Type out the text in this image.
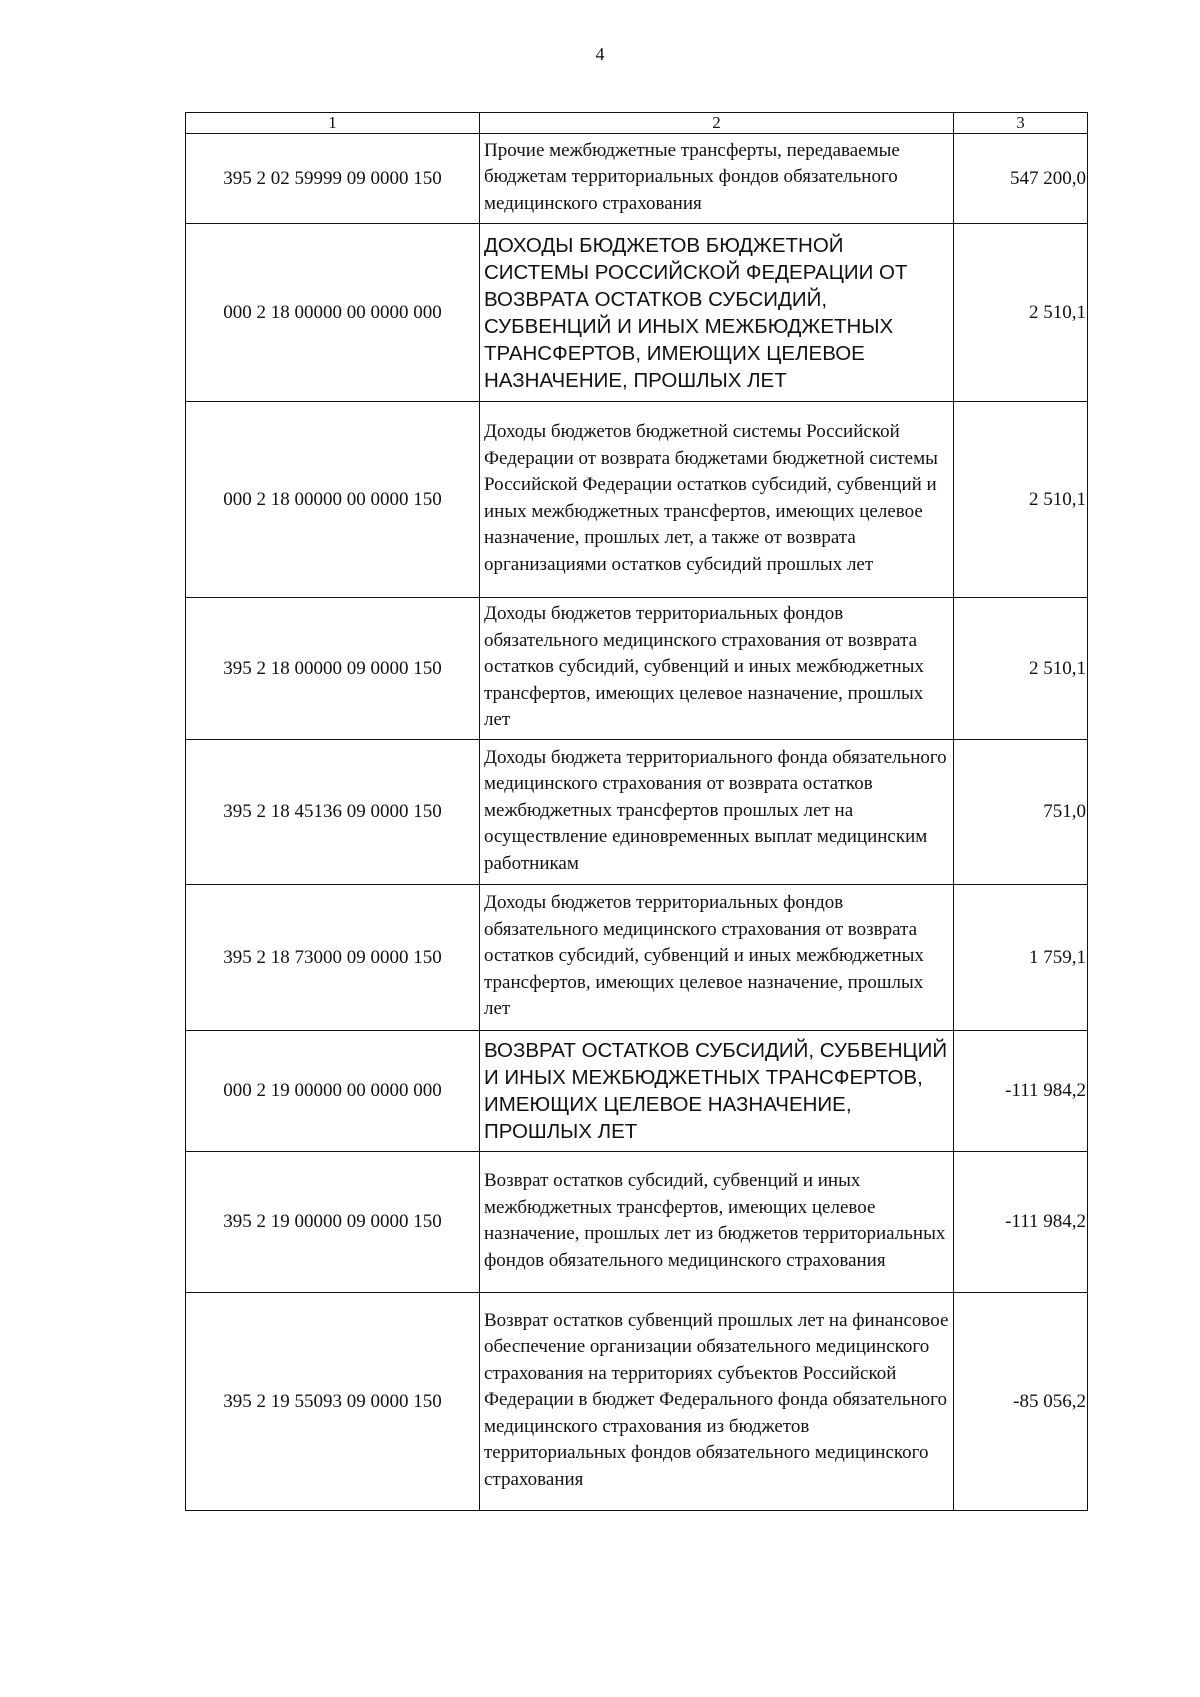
4
1	2	3
395 2 02 59999 09 0000 150	Прочие межбюджетные трансферты, передаваемые бюджетам территориальных фондов обязательного медицинского страхования	547 200,0
000 2 18 00000 00 0000 000	ДОХОДЫ БЮДЖЕТОВ БЮДЖЕТНОЙ СИСТЕМЫ РОССИЙСКОЙ ФЕДЕРАЦИИ ОТ ВОЗВРАТА ОСТАТКОВ СУБСИДИЙ, СУБВЕНЦИЙ И ИНЫХ МЕЖБЮДЖЕТНЫХ ТРАНСФЕРТОВ, ИМЕЮЩИХ ЦЕЛЕВОЕ НАЗНАЧЕНИЕ, ПРОШЛЫХ ЛЕТ	2 510,1
000 2 18 00000 00 0000 150	Доходы бюджетов бюджетной системы Российской Федерации от возврата бюджетами бюджетной системы Российской Федерации остатков субсидий, субвенций и иных межбюджетных трансфертов, имеющих целевое назначение, прошлых лет, а также от возврата организациями остатков субсидий прошлых лет	2 510,1
395 2 18 00000 09 0000 150	Доходы бюджетов территориальных фондов обязательного медицинского страхования от возврата остатков субсидий, субвенций и иных межбюджетных трансфертов, имеющих целевое назначение, прошлых лет	2 510,1
395 2 18 45136 09 0000 150	Доходы бюджета территориального фонда обязательного медицинского страхования от возврата остатков межбюджетных трансфертов прошлых лет на осуществление единовременных выплат медицинским работникам	751,0
395 2 18 73000 09 0000 150	Доходы бюджетов территориальных фондов обязательного медицинского страхования от возврата остатков субсидий, субвенций и иных межбюджетных трансфертов, имеющих целевое назначение, прошлых лет	1 759,1
000 2 19 00000 00 0000 000	ВОЗВРАТ ОСТАТКОВ СУБСИДИЙ, СУБВЕНЦИЙ И ИНЫХ МЕЖБЮДЖЕТНЫХ ТРАНСФЕРТОВ, ИМЕЮЩИХ ЦЕЛЕВОЕ НАЗНАЧЕНИЕ, ПРОШЛЫХ ЛЕТ	-111 984,2
395 2 19 00000 09 0000 150	Возврат остатков субсидий, субвенций и иных межбюджетных трансфертов, имеющих целевое назначение, прошлых лет из бюджетов территориальных фондов обязательного медицинского страхования	-111 984,2
395 2 19 55093 09 0000 150	Возврат остатков субвенций прошлых лет на финансовое обеспечение организации обязательного медицинского страхования на территориях субъектов Российской Федерации в бюджет Федерального фонда обязательного медицинского страхования из бюджетов территориальных фондов обязательного медицинского страхования	-85 056,2
